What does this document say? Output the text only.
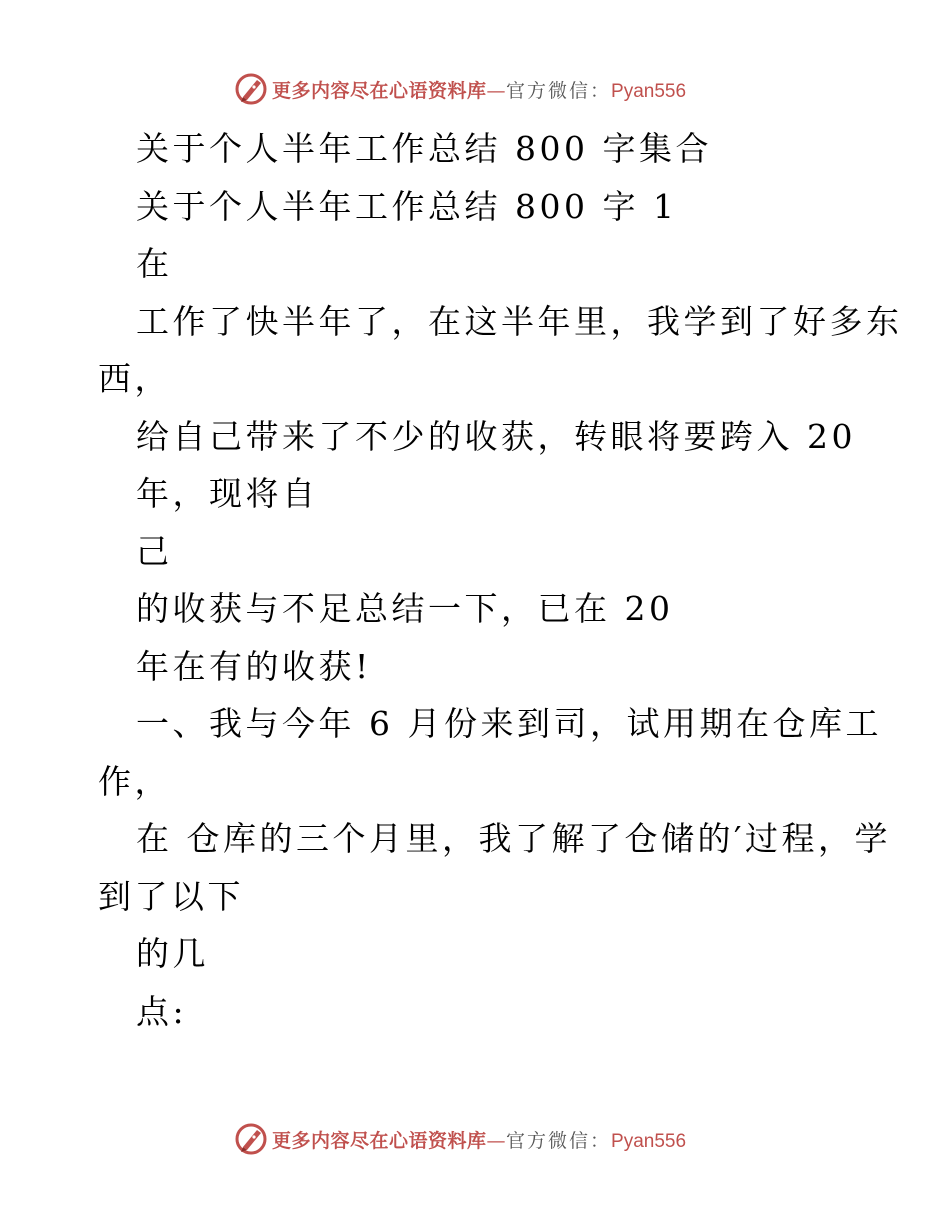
更多内容尽在心语资料库—官方微信：Pyan556
关于个人半年工作总结 800 字集合
关于个人半年工作总结 800 字 1
在
工作了快半年了，在这半年里，我学到了好多东
西，
给自己带来了不少的收获，转眼将要跨入 20
年，现将自
己
的收获与不足总结一下，已在 20
年在有的收获!
一、我与今年 6 月份来到司，试用期在仓库工
作，
在 仓库的三个月里，我了解了仓储的′过程，学
到了以下
的几
点:
更多内容尽在心语资料库—官方微信：Pyan556
